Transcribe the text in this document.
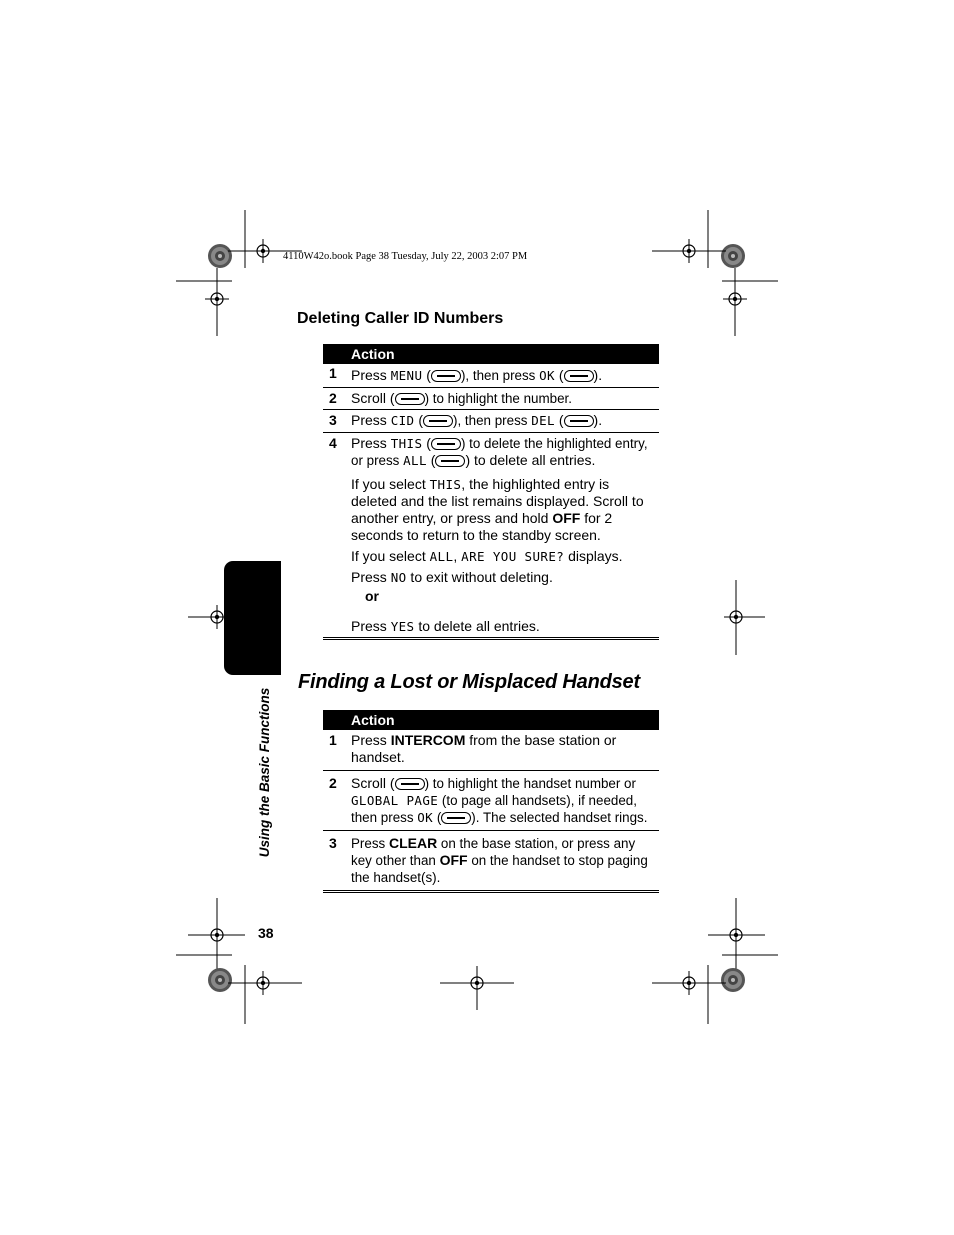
4110W42o.book Page 38 Tuesday, July 22, 2003 2:07 PM
Deleting Caller ID Numbers
Action
1 Press MENU ( ), then press OK ( ).
2 Scroll ( ) to highlight the number.
3 Press CID ( ), then press DEL ( ).
4 Press THIS ( ) to delete the highlighted entry, or press ALL ( ) to delete all entries.
If you select THIS, the highlighted entry is deleted and the list remains displayed. Scroll to another entry, or press and hold OFF for 2 seconds to return to the standby screen.
If you select ALL, ARE YOU SURE? displays.
Press NO to exit without deleting.
or
Press YES to delete all entries.
Finding a Lost or Misplaced Handset
Action
1 Press INTERCOM from the base station or handset.
2 Scroll ( ) to highlight the handset number or GLOBAL PAGE (to page all handsets), if needed, then press OK ( ). The selected handset rings.
3 Press CLEAR on the base station, or press any key other than OFF on the handset to stop paging the handset(s).
Using the Basic Functions
38
